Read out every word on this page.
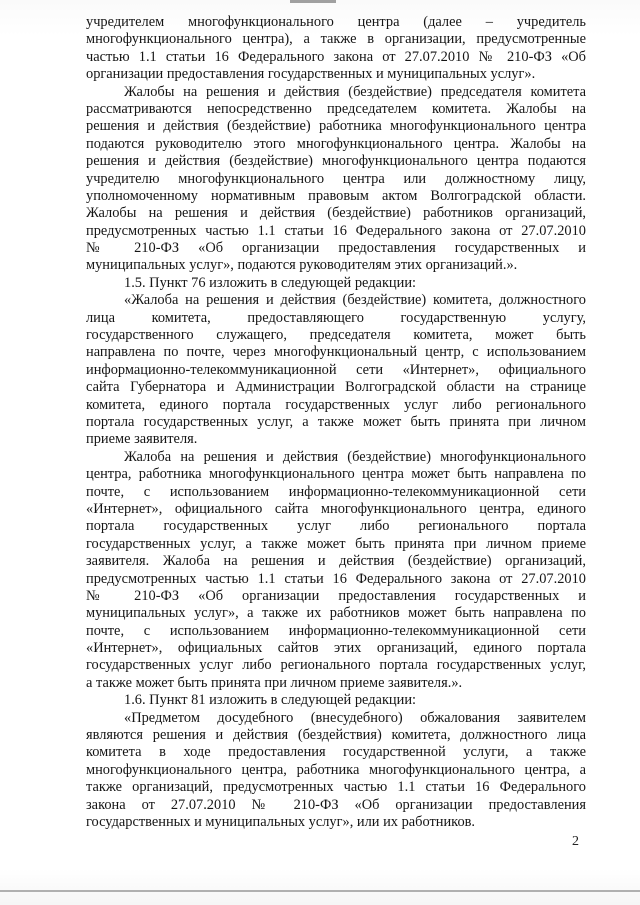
учредителем многофункционального центра (далее – учредитель
многофункционального центра), а также в организации, предусмотренные
частью 1.1 статьи 16 Федерального закона от 27.07.2010 № 210-ФЗ «Об
организации предоставления государственных и муниципальных услуг».
Жалобы на решения и действия (бездействие) председателя комитета
рассматриваются непосредственно председателем комитета. Жалобы на
решения и действия (бездействие) работника многофункционального центра
подаются руководителю этого многофункционального центра. Жалобы на
решения и действия (бездействие) многофункционального центра подаются
учредителю многофункционального центра или должностному лицу,
уполномоченному нормативным правовым актом Волгоградской области.
Жалобы на решения и действия (бездействие) работников организаций,
предусмотренных частью 1.1 статьи 16 Федерального закона от 27.07.2010
№ 210-ФЗ «Об организации предоставления государственных и
муниципальных услуг», подаются руководителям этих организаций.».
1.5. Пункт 76 изложить в следующей редакции:
«Жалоба на решения и действия (бездействие) комитета, должностного
лица комитета, предоставляющего государственную услугу,
государственного служащего, председателя комитета, может быть
направлена по почте, через многофункциональный центр, с использованием
информационно-телекоммуникационной сети «Интернет», официального
сайта Губернатора и Администрации Волгоградской области на странице
комитета, единого портала государственных услуг либо регионального
портала государственных услуг, а также может быть принята при личном
приеме заявителя.
Жалоба на решения и действия (бездействие) многофункционального
центра, работника многофункционального центра может быть направлена по
почте, с использованием информационно-телекоммуникационной сети
«Интернет», официального сайта многофункционального центра, единого
портала государственных услуг либо регионального портала
государственных услуг, а также может быть принята при личном приеме
заявителя. Жалоба на решения и действия (бездействие) организаций,
предусмотренных частью 1.1 статьи 16 Федерального закона от 27.07.2010
№ 210-ФЗ «Об организации предоставления государственных и
муниципальных услуг», а также их работников может быть направлена по
почте, с использованием информационно-телекоммуникационной сети
«Интернет», официальных сайтов этих организаций, единого портала
государственных услуг либо регионального портала государственных услуг,
а также может быть принята при личном приеме заявителя.».
1.6. Пункт 81 изложить в следующей редакции:
«Предметом досудебного (внесудебного) обжалования заявителем
являются решения и действия (бездействия) комитета, должностного лица
комитета в ходе предоставления государственной услуги, а также
многофункционального центра, работника многофункционального центра, а
также организаций, предусмотренных частью 1.1 статьи 16 Федерального
закона от 27.07.2010 № 210-ФЗ «Об организации предоставления
государственных и муниципальных услуг», или их работников.
2
